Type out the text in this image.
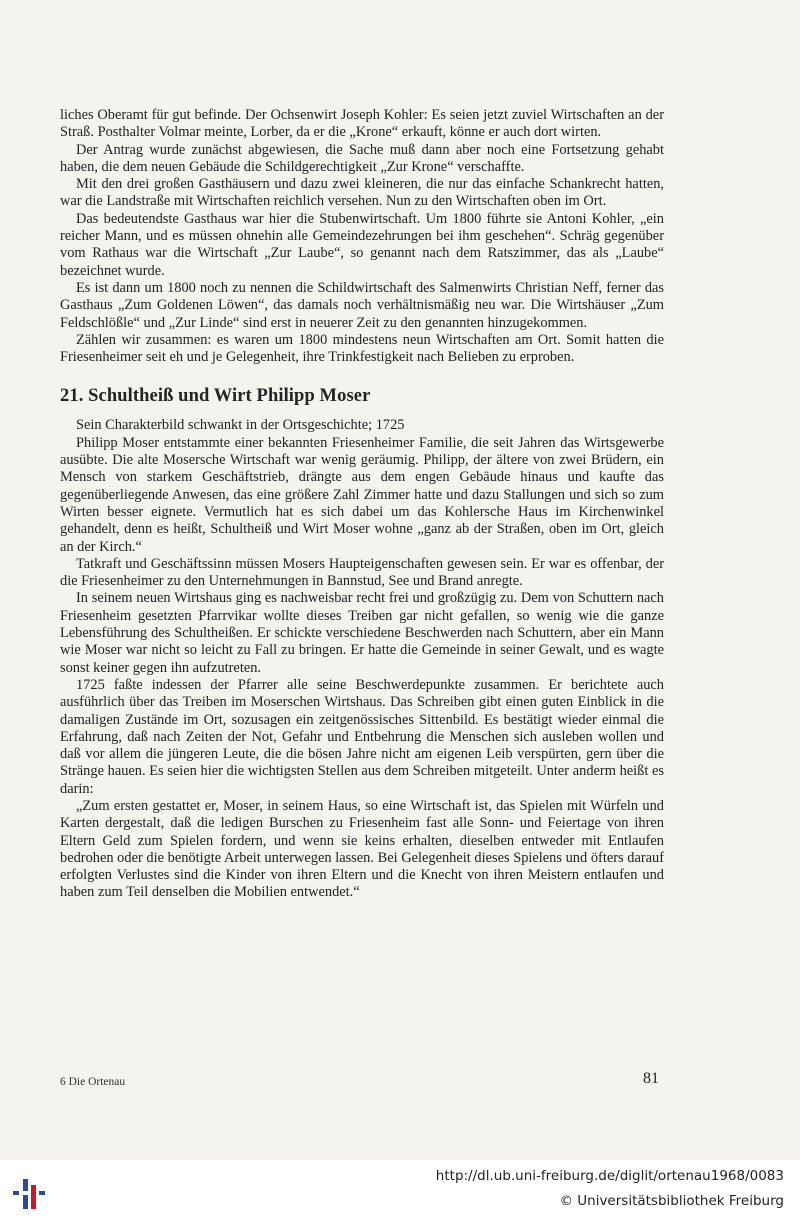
liches Oberamt für gut befinde. Der Ochsenwirt Joseph Kohler: Es seien jetzt zuviel Wirtschaften an der Straß. Posthalter Volmar meinte, Lorber, da er die „Krone“ erkauft, könne er auch dort wirten.

Der Antrag wurde zunächst abgewiesen, die Sache muß dann aber noch eine Fortsetzung gehabt haben, die dem neuen Gebäude die Schildgerechtigkeit „Zur Krone“ verschaffte.

Mit den drei großen Gasthäusern und dazu zwei kleineren, die nur das einfache Schankrecht hatten, war die Landstraße mit Wirtschaften reichlich versehen. Nun zu den Wirtschaften oben im Ort.

Das bedeutendste Gasthaus war hier die Stubenwirtschaft. Um 1800 führte sie Antoni Kohler, „ein reicher Mann, und es müssen ohnehin alle Gemeindezehrungen bei ihm geschehen“. Schräg gegenüber vom Rathaus war die Wirtschaft „Zur Laube“, so genannt nach dem Ratszimmer, das als „Laube“ bezeichnet wurde.

Es ist dann um 1800 noch zu nennen die Schildwirtschaft des Salmenwirts Christian Neff, ferner das Gasthaus „Zum Goldenen Löwen“, das damals noch verhältnismäßig neu war. Die Wirtshäuser „Zum Feldschlößle“ und „Zur Linde“ sind erst in neuerer Zeit zu den genannten hinzugekommen.

Zählen wir zusammen: es waren um 1800 mindestens neun Wirtschaften am Ort. Somit hatten die Friesenheimer seit eh und je Gelegenheit, ihre Trinkfestigkeit nach Belieben zu erproben.

21. Schultheiß und Wirt Philipp Moser

Sein Charakterbild schwankt in der Ortsgeschichte; 1725

Philipp Moser entstammte einer bekannten Friesenheimer Familie, die seit Jahren das Wirtsgewerbe ausübte. Die alte Mosersche Wirtschaft war wenig geräumig. Philipp, der ältere von zwei Brüdern, ein Mensch von starkem Geschäftstrieb, drängte aus dem engen Gebäude hinaus und kaufte das gegenüberliegende Anwesen, das eine größere Zahl Zimmer hatte und dazu Stallungen und sich so zum Wirten besser eignete. Vermutlich hat es sich dabei um das Kohlersche Haus im Kirchenwinkel gehandelt, denn es heißt, Schultheiß und Wirt Moser wohne „ganz ab der Straßen, oben im Ort, gleich an der Kirch.“

Tatkraft und Geschäftssinn müssen Mosers Haupteigenschaften gewesen sein. Er war es offenbar, der die Friesenheimer zu den Unternehmungen in Bannstud, See und Brand anregte.

In seinem neuen Wirtshaus ging es nachweisbar recht frei und großzügig zu. Dem von Schuttern nach Friesenheim gesetzten Pfarrvikar wollte dieses Treiben gar nicht gefallen, so wenig wie die ganze Lebensführung des Schultheißen. Er schickte verschiedene Beschwerden nach Schuttern, aber ein Mann wie Moser war nicht so leicht zu Fall zu bringen. Er hatte die Gemeinde in seiner Gewalt, und es wagte sonst keiner gegen ihn aufzutreten.

1725 faßte indessen der Pfarrer alle seine Beschwerdepunkte zusammen. Er berichtete auch ausführlich über das Treiben im Moserschen Wirtshaus. Das Schreiben gibt einen guten Einblick in die damaligen Zustände im Ort, sozusagen ein zeitgenössisches Sittenbild. Es bestätigt wieder einmal die Erfahrung, daß nach Zeiten der Not, Gefahr und Entbehrung die Menschen sich ausleben wollen und daß vor allem die jüngeren Leute, die die bösen Jahre nicht am eigenen Leib verspürten, gern über die Stränge hauen. Es seien hier die wichtigsten Stellen aus dem Schreiben mitgeteilt. Unter anderm heißt es darin:

„Zum ersten gestattet er, Moser, in seinem Haus, so eine Wirtschaft ist, das Spielen mit Würfeln und Karten dergestalt, daß die ledigen Burschen zu Friesenheim fast alle Sonn- und Feiertage von ihren Eltern Geld zum Spielen fordern, und wenn sie keins erhalten, dieselben entweder mit Entlaufen bedrohen oder die benötigte Arbeit unterwegen lassen. Bei Gelegenheit dieses Spielens und öfters darauf erfolgten Verlustes sind die Kinder von ihren Eltern und die Knecht von ihren Meistern entlaufen und haben zum Teil denselben die Mobilien entwendet.“

6 Die Ortenau	81
http://dl.ub.uni-freiburg.de/diglit/ortenau1968/0083
© Universitätsbibliothek Freiburg
